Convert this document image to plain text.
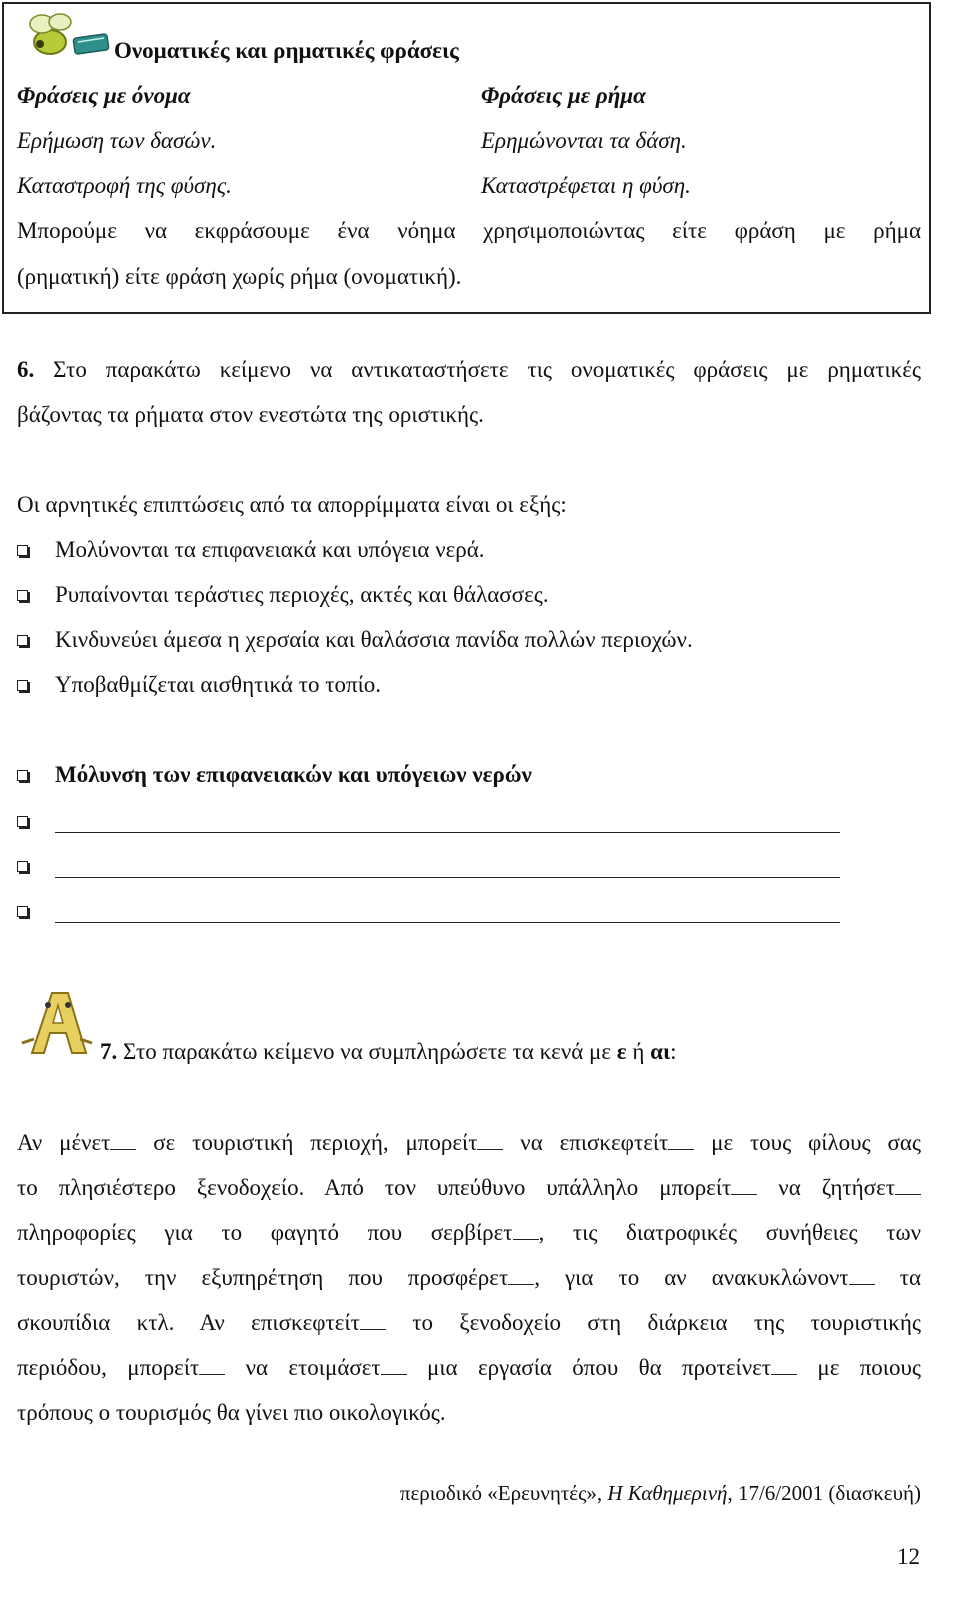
Ονοματικές και ρηματικές φράσεις
Φράσεις με όνομα	Φράσεις με ρήμα
Ερήμωση των δασών.	Ερημώνονται τα δάση.
Καταστροφή της φύσης.	Καταστρέφεται η φύση.
Μπορούμε να εκφράσουμε ένα νόημα χρησιμοποιώντας είτε φράση με ρήμα
(ρηματική) είτε φράση χωρίς ρήμα (ονοματική).
6. Στο παρακάτω κείμενο να αντικαταστήσετε τις ονοματικές φράσεις με ρηματικές
βάζοντας τα ρήματα στον ενεστώτα της οριστικής.
Οι αρνητικές επιπτώσεις από τα απορρίμματα είναι οι εξής:
Μολύνονται τα επιφανειακά και υπόγεια νερά.
Ρυπαίνονται τεράστιες περιοχές, ακτές και θάλασσες.
Κινδυνεύει άμεσα η χερσαία και θαλάσσια πανίδα πολλών περιοχών.
Υποβαθμίζεται αισθητικά το τοπίο.
Μόλυνση των επιφανειακών και υπόγειων νερών
7. Στο παρακάτω κείμενο να συμπληρώσετε τα κενά με ε ή αι:
Αν μένετ σε τουριστική περιοχή, μπορείτ να επισκεφτείτ με τους φίλους σας
το πλησιέστερο ξενοδοχείο. Από τον υπεύθυνο υπάλληλο μπορείτ να ζητήσετ
πληροφορίες για το φαγητό που σερβίρετ , τις διατροφικές συνήθειες των
τουριστών, την εξυπηρέτηση που προσφέρετ , για το αν ανακυκλώνοντ τα
σκουπίδια κτλ. Αν επισκεφτείτ το ξενοδοχείο στη διάρκεια της τουριστικής
περιόδου, μπορείτ να ετοιμάσετ μια εργασία όπου θα προτείνετ με ποιους
τρόπους ο τουρισμός θα γίνει πιο οικολογικός.
περιοδικό «Ερευνητές», Η Καθημερινή, 17/6/2001 (διασκευή)
12
